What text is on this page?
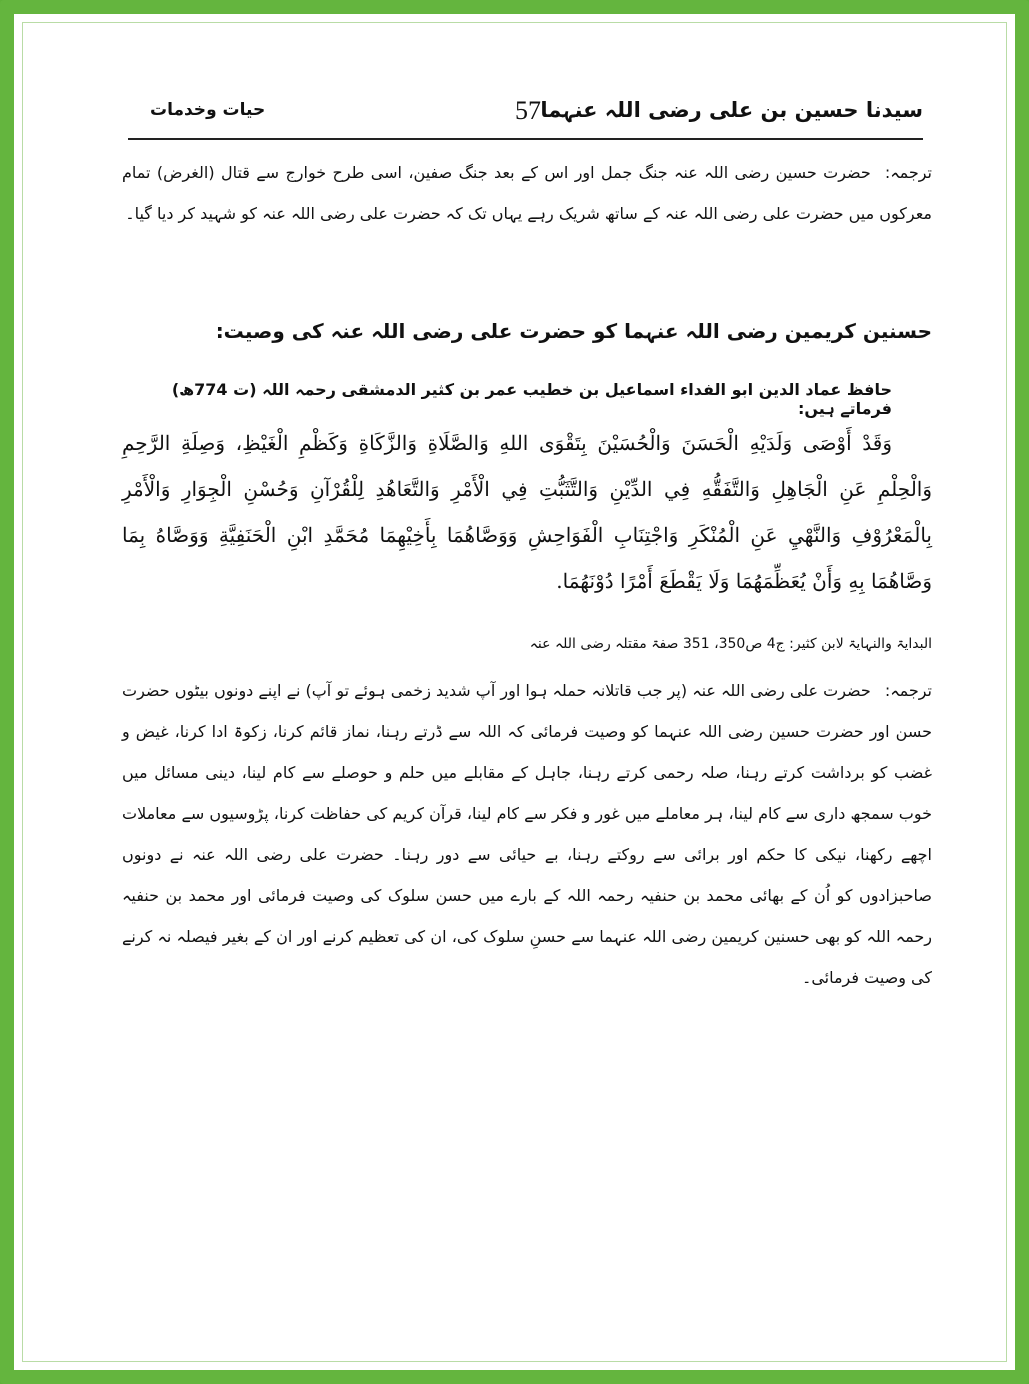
سیدنا حسین بن علی رضی اللہ عنہما
57
حیات وخدمات

ترجمہ:حضرت حسین رضی اللہ عنہ جنگ جمل اور اس کے بعد جنگ صفین، اسی طرح خوارج سے قتال (الغرض) تمام معرکوں میں حضرت علی رضی اللہ عنہ کے ساتھ شریک رہے یہاں تک کہ حضرت علی رضی اللہ عنہ کو شہید کر دیا گیا۔

حسنین کریمین رضی اللہ عنہما کو حضرت علی رضی اللہ عنہ کی وصیت:
حافظ عماد الدین ابو الفداء اسماعیل بن خطیب عمر بن کثیر الدمشقی رحمہ اللہ (ت 774ھ) فرماتے ہیں:

وَقَدْ أَوْصَى وَلَدَيْهِ الْحَسَنَ وَالْحُسَيْنَ بِتَقْوَى اللهِ وَالصَّلَاةِ وَالزَّكَاةِ وَكَظْمِ الْغَيْظِ، وَصِلَةِ الرَّحِمِ وَالْحِلْمِ عَنِ الْجَاهِلِ وَالتَّفَقُّهِ فِي الدِّيْنِ وَالتَّثَبُّتِ فِي الْأَمْرِ وَالتَّعَاهُدِ لِلْقُرْآنِ وَحُسْنِ الْجِوَارِ وَالْأَمْرِ بِالْمَعْرُوْفِ وَالنَّهْيِ عَنِ الْمُنْكَرِ وَاجْتِنَابِ الْفَوَاحِشِ وَوَصَّاهُمَا بِأَخِيْهِمَا مُحَمَّدِ ابْنِ الْحَنَفِيَّةِ وَوَصَّاهُ بِمَا وَصَّاهُمَا بِهِ وَأَنْ يُعَظِّمَهُمَا وَلَا يَقْطَعَ أَمْرًا دُوْنَهُمَا.

البدایۃ والنہایۃ لابن کثیر: ج4 ص350، 351 صفۃ مقتلہ رضی اللہ عنہ

ترجمہ:حضرت علی رضی اللہ عنہ (پر جب قاتلانہ حملہ ہوا اور آپ شدید زخمی ہوئے تو آپ) نے اپنے دونوں بیٹوں حضرت حسن اور حضرت حسین رضی اللہ عنہما کو وصیت فرمائی کہ اللہ سے ڈرتے رہنا، نماز قائم کرنا، زکوۃ ادا کرنا، غیض و غضب کو برداشت کرتے رہنا، صلہ رحمی کرتے رہنا، جاہل کے مقابلے میں حلم و حوصلے سے کام لینا، دینی مسائل میں خوب سمجھ داری سے کام لینا، ہر معاملے میں غور و فکر سے کام لینا، قرآن کریم کی حفاظت کرنا، پڑوسیوں سے معاملات اچھے رکھنا، نیکی کا حکم اور برائی سے روکتے رہنا، بے حیائی سے دور رہنا۔ حضرت علی رضی اللہ عنہ نے دونوں صاحبزادوں کو اُن کے بھائی محمد بن حنفیہ رحمہ اللہ کے بارے میں حسن سلوک کی وصیت فرمائی اور محمد بن حنفیہ رحمہ اللہ کو بھی حسنین کریمین رضی اللہ عنہما سے حسنِ سلوک کی، ان کی تعظیم کرنے اور ان کے بغیر فیصلہ نہ کرنے کی وصیت فرمائی۔
